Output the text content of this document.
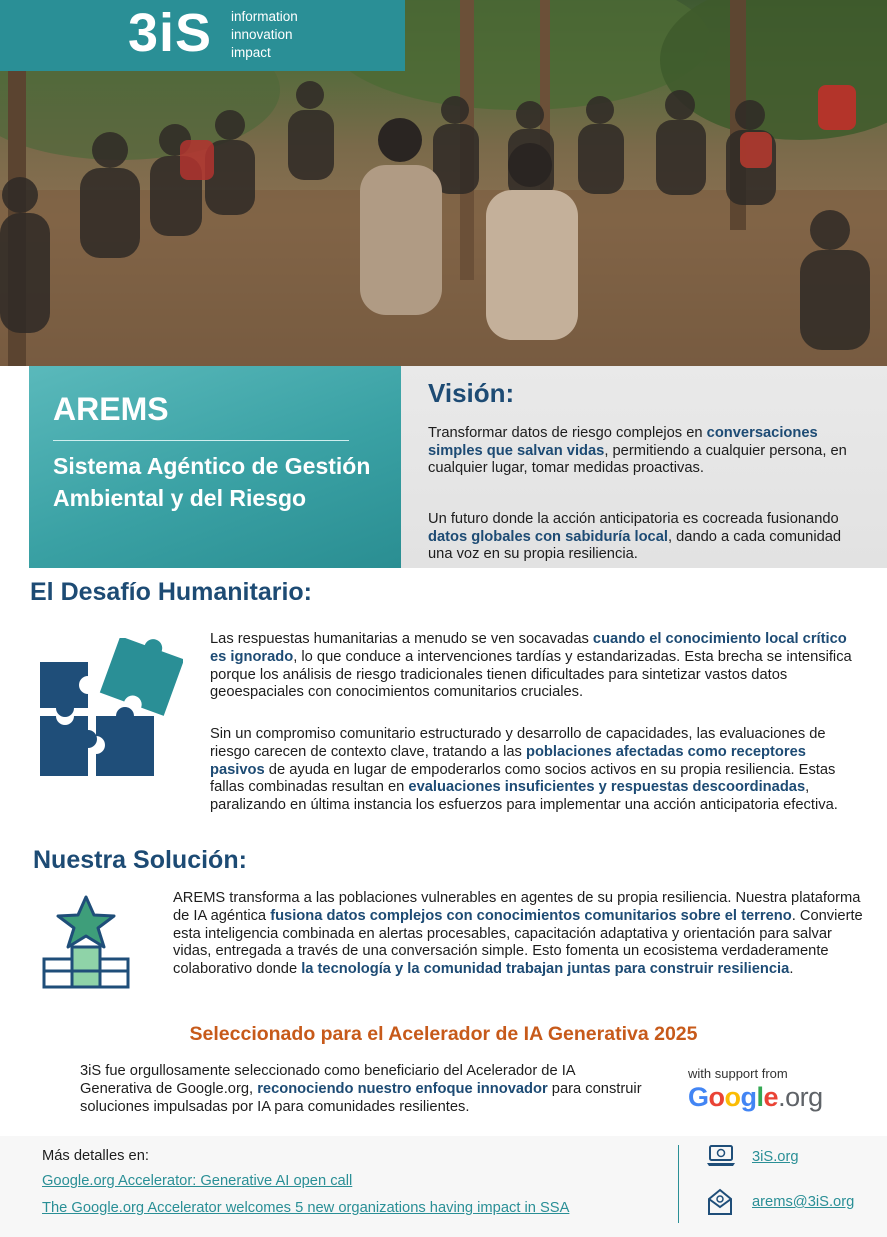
3iS information
innovation
impact
AREMS
Sistema Agéntico de Gestión Ambiental y del Riesgo
Visión:
Transformar datos de riesgo complejos en conversaciones simples que salvan vidas, permitiendo a cualquier persona, en cualquier lugar, tomar medidas proactivas.
Un futuro donde la acción anticipatoria es cocreada fusionando datos globales con sabiduría local, dando a cada comunidad una voz en su propia resiliencia.
El Desafío Humanitario:
Las respuestas humanitarias a menudo se ven socavadas cuando el conocimiento local crítico es ignorado, lo que conduce a intervenciones tardías y estandarizadas. Esta brecha se intensifica porque los análisis de riesgo tradicionales tienen dificultades para sintetizar vastos datos geoespaciales con conocimientos comunitarios cruciales.
Sin un compromiso comunitario estructurado y desarrollo de capacidades, las evaluaciones de riesgo carecen de contexto clave, tratando a las poblaciones afectadas como receptores pasivos de ayuda en lugar de empoderarlos como socios activos en su propia resiliencia. Estas fallas combinadas resultan en evaluaciones insuficientes y respuestas descoordinadas, paralizando en última instancia los esfuerzos para implementar una acción anticipatoria efectiva.
Nuestra Solución:
AREMS transforma a las poblaciones vulnerables en agentes de su propia resiliencia. Nuestra plataforma de IA agéntica fusiona datos complejos con conocimientos comunitarios sobre el terreno. Convierte esta inteligencia combinada en alertas procesables, capacitación adaptativa y orientación para salvar vidas, entregada a través de una conversación simple. Esto fomenta un ecosistema verdaderamente colaborativo donde la tecnología y la comunidad trabajan juntas para construir resiliencia.
Seleccionado para el Acelerador de IA Generativa 2025
3iS fue orgullosamente seleccionado como beneficiario del Acelerador de IA Generativa de Google.org, reconociendo nuestro enfoque innovador para construir soluciones impulsadas por IA para comunidades resilientes.
with support from
Google.org
Más detalles en:
Google.org Accelerator: Generative AI open call
The Google.org Accelerator welcomes 5 new organizations having impact in SSA
3iS.org
arems@3iS.org
